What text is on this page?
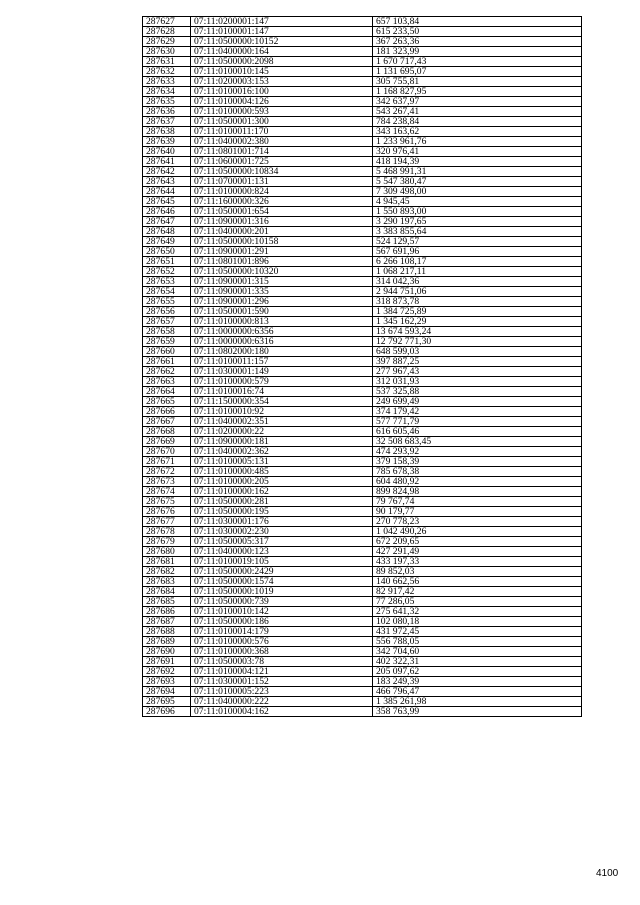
287627	07:11:0200001:147	657 103,84
287628	07:11:0100001:147	615 233,50
287629	07:11:0500000:10152	367 263,36
287630	07:11:0400000:164	181 323,99
287631	07:11:0500000:2098	1 670 717,43
287632	07:11:0100010:145	1 131 695,07
287633	07:11:0200003:153	305 755,81
287634	07:11:0100016:100	1 168 827,95
287635	07:11:0100004:126	342 637,97
287636	07:11:0100000:593	543 267,41
287637	07:11:0500001:300	784 238,84
287638	07:11:0100011:170	343 163,62
287639	07:11:0400002:380	1 233 961,76
287640	07:11:0801001:714	320 976,41
287641	07:11:0600001:725	418 194,39
287642	07:11:0500000:10834	5 468 991,31
287643	07:11:0700001:131	5 547 380,47
287644	07:11:0100000:824	7 309 498,00
287645	07:11:1600000:326	4 945,45
287646	07:11:0500001:654	1 550 893,00
287647	07:11:0900001:316	3 290 197,65
287648	07:11:0400000:201	3 383 855,64
287649	07:11:0500000:10158	524 129,57
287650	07:11:0900001:291	567 691,96
287651	07:11:0801001:896	6 266 108,17
287652	07:11:0500000:10320	1 068 217,11
287653	07:11:0900001:315	314 042,36
287654	07:11:0900001:335	2 944 751,06
287655	07:11:0900001:296	318 873,78
287656	07:11:0500001:590	1 384 725,89
287657	07:11:0100000:813	1 345 162,29
287658	07:11:0000000:6356	13 674 593,24
287659	07:11:0000000:6316	12 792 771,30
287660	07:11:0802000:180	648 599,03
287661	07:11:0100011:157	397 887,25
287662	07:11:0300001:149	277 967,43
287663	07:11:0100000:579	312 031,93
287664	07:11:0100016:74	537 325,88
287665	07:11:1500000:354	249 699,49
287666	07:11:0100010:92	374 179,42
287667	07:11:0400002:351	577 771,79
287668	07:11:0200000:22	616 605,46
287669	07:11:0900000:181	32 508 683,45
287670	07:11:0400002:362	474 293,92
287671	07:11:0100005:131	379 158,39
287672	07:11:0100000:485	785 678,38
287673	07:11:0100000:205	604 480,92
287674	07:11:0100000:162	899 824,98
287675	07:11:0500000:281	79 767,74
287676	07:11:0500000:195	90 179,77
287677	07:11:0300001:176	270 778,23
287678	07:11:0300002:230	1 042 490,26
287679	07:11:0500005:317	672 209,65
287680	07:11:0400000:123	427 291,49
287681	07:11:0100019:105	433 197,33
287682	07:11:0500000:2429	89 852,03
287683	07:11:0500000:1574	140 662,56
287684	07:11:0500000:1019	82 917,42
287685	07:11:0500000:739	77 286,05
287686	07:11:0100010:142	275 641,32
287687	07:11:0500000:186	102 080,18
287688	07:11:0100014:179	431 972,45
287689	07:11:0100000:576	556 788,05
287690	07:11:0100000:368	342 704,60
287691	07:11:0500003:78	402 322,31
287692	07:11:0100004:121	205 097,62
287693	07:11:0300001:152	183 249,39
287694	07:11:0100005:223	466 796,47
287695	07:11:0400000:222	1 385 261,98
287696	07:11:0100004:162	358 763,99
4100
